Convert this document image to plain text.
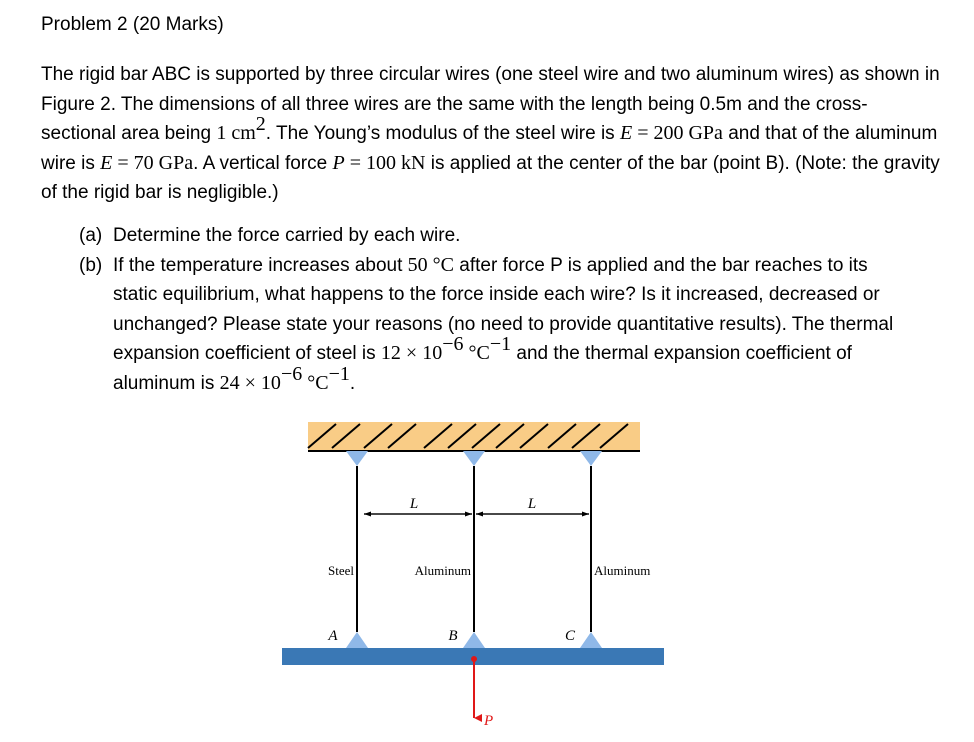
Problem 2 (20 Marks)
The rigid bar ABC is supported by three circular wires (one steel wire and two aluminum wires) as shown in Figure 2. The dimensions of all three wires are the same with the length being 0.5m and the cross-sectional area being 1 $cm^2$. The Young’s modulus of the steel wire is E = 200 GPa and that of the aluminum wire is E = 70 GPa. A vertical force P = 100 kN is applied at the center of the bar (point B). (Note: the gravity of the rigid bar is negligible.)
(a) Determine the force carried by each wire.
(b) If the temperature increases about 50 °C after force P is applied and the bar reaches to its static equilibrium, what happens to the force inside each wire? Is it increased, decreased or unchanged? Please state your reasons (no need to provide quantitative results). The thermal expansion coefficient of steel is $12 \times 10^{-6}$ $^\circ C^{-1}$ and the thermal expansion coefficient of aluminum is $24 \times 10^{-6}$ $^\circ C^{-1}$.
L	L
Steel	Aluminum	Aluminum
A	B	C
P
